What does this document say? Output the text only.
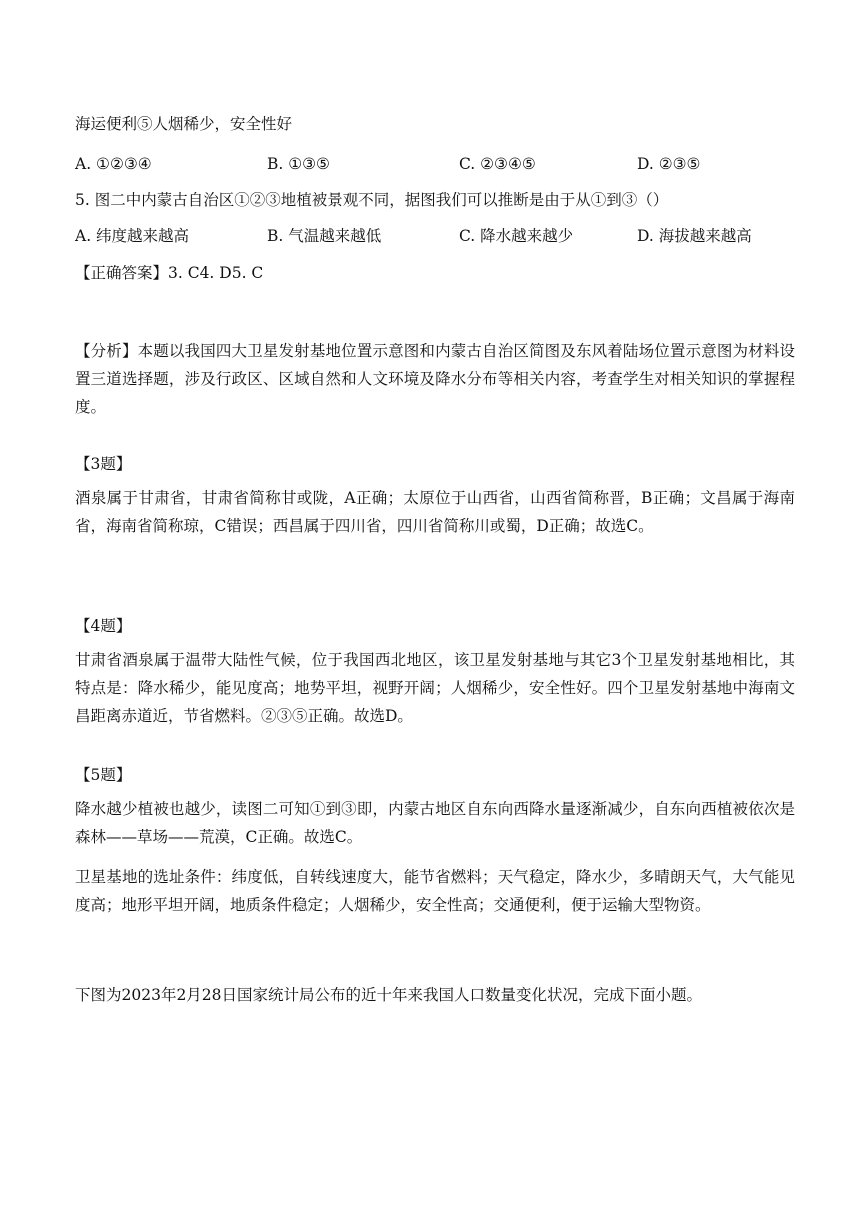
海运便利⑤人烟稀少，安全性好
A. ①②③④	B. ①③⑤	C. ②③④⑤	D. ②③⑤
5. 图二中内蒙古自治区①②③地植被景观不同，据图我们可以推断是由于从①到③（）
A. 纬度越来越高	B. 气温越来越低	C. 降水越来越少	D. 海拔越来越高
【正确答案】3. C4. D5. C
【分析】本题以我国四大卫星发射基地位置示意图和内蒙古自治区简图及东风着陆场位置示意图为材料设置三道选择题，涉及行政区、区域自然和人文环境及降水分布等相关内容，考查学生对相关知识的掌握程度。
【3题】
酒泉属于甘肃省，甘肃省简称甘或陇，A正确；太原位于山西省，山西省简称晋，B正确；文昌属于海南省，海南省简称琼，C错误；西昌属于四川省，四川省简称川或蜀，D正确；故选C。
【4题】
甘肃省酒泉属于温带大陆性气候，位于我国西北地区，该卫星发射基地与其它3个卫星发射基地相比，其特点是：降水稀少，能见度高；地势平坦，视野开阔；人烟稀少，安全性好。四个卫星发射基地中海南文昌距离赤道近，节省燃料。②③⑤正确。故选D。
【5题】
降水越少植被也越少，读图二可知①到③即，内蒙古地区自东向西降水量逐渐减少，自东向西植被依次是森林——草场——荒漠，C正确。故选C。
卫星基地的选址条件：纬度低，自转线速度大，能节省燃料；天气稳定，降水少，多晴朗天气，大气能见度高；地形平坦开阔，地质条件稳定；人烟稀少，安全性高；交通便利，便于运输大型物资。
下图为2023年2月28日国家统计局公布的近十年来我国人口数量变化状况，完成下面小题。
